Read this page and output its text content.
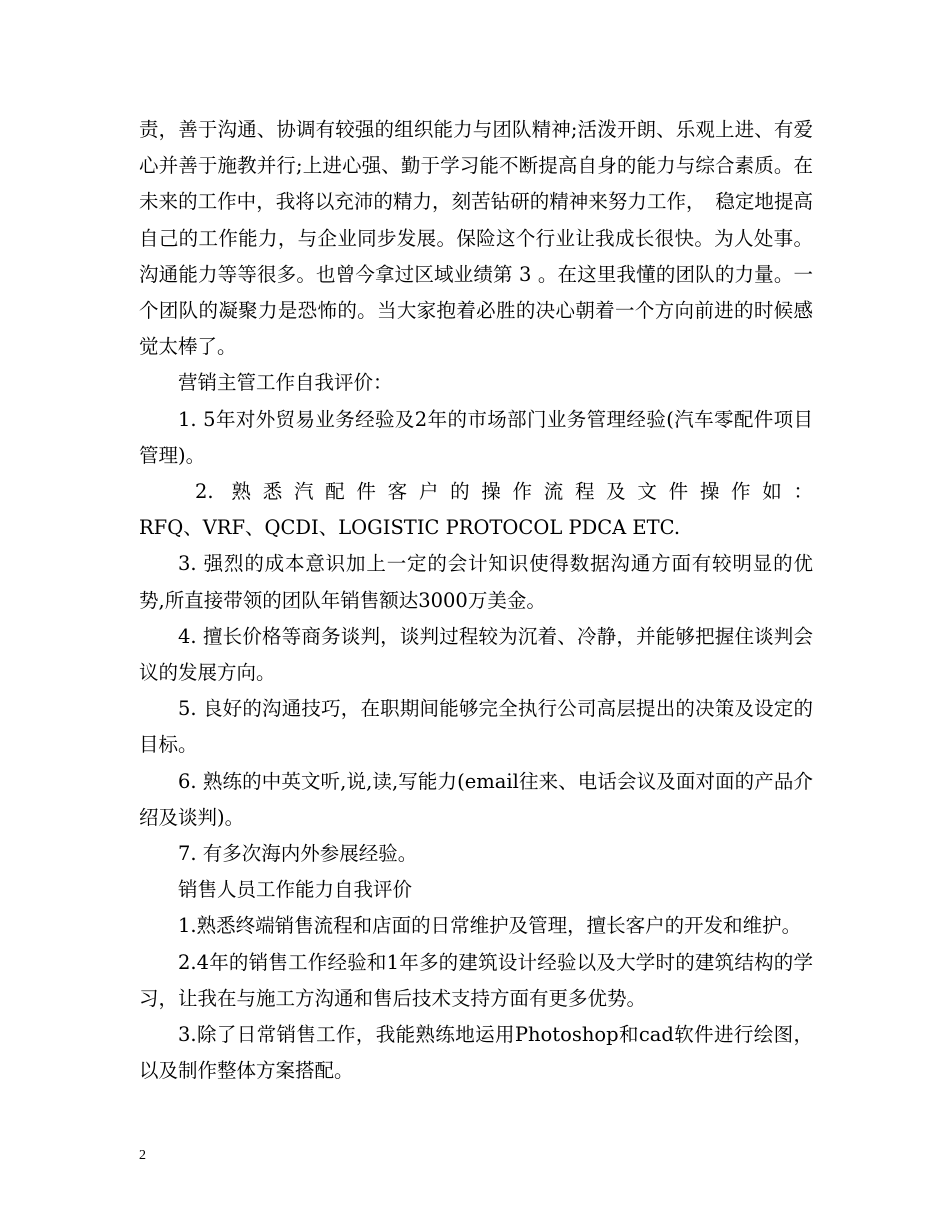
责，善于沟通、协调有较强的组织能力与团队精神;活泼开朗、乐观上进、有爱心并善于施教并行;上进心强、勤于学习能不断提高自身的能力与综合素质。在未来的工作中，我将以充沛的精力，刻苦钻研的精神来努力工作，　稳定地提高自己的工作能力，与企业同步发展。保险这个行业让我成长很快。为人处事。沟通能力等等很多。也曾今拿过区域业绩第 3 。在这里我懂的团队的力量。一个团队的凝聚力是恐怖的。当大家抱着必胜的决心朝着一个方向前进的时候感觉太棒了。

营销主管工作自我评价：

1. 5年对外贸易业务经验及2年的市场部门业务管理经验(汽车零配件项目管理)。

2. 熟悉汽配件客户的操作流程及文件操作如：

RFQ、VRF、QCDI、LOGISTIC PROTOCOL PDCA ETC.

3. 强烈的成本意识加上一定的会计知识使得数据沟通方面有较明显的优势,所直接带领的团队年销售额达3000万美金。

4. 擅长价格等商务谈判，谈判过程较为沉着、冷静，并能够把握住谈判会议的发展方向。

5. 良好的沟通技巧，在职期间能够完全执行公司高层提出的决策及设定的目标。

6. 熟练的中英文听,说,读,写能力(email往来、电话会议及面对面的产品介绍及谈判)。

7. 有多次海内外参展经验。

销售人员工作能力自我评价

1.熟悉终端销售流程和店面的日常维护及管理，擅长客户的开发和维护。

2.4年的销售工作经验和1年多的建筑设计经验以及大学时的建筑结构的学习，让我在与施工方沟通和售后技术支持方面有更多优势。

3.除了日常销售工作，我能熟练地运用Photoshop和cad软件进行绘图，以及制作整体方案搭配。

2
